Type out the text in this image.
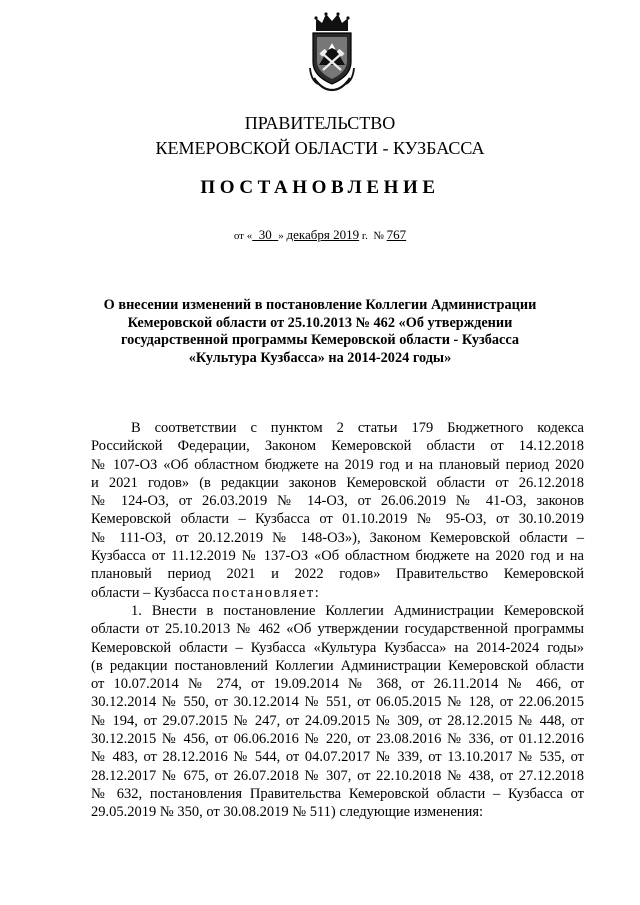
ПРАВИТЕЛЬСТВО
КЕМЕРОВСКОЙ ОБЛАСТИ - КУЗБАССА
ПОСТАНОВЛЕНИЕ
от «  30  » декабря 2019 г.  № 767
О внесении изменений в постановление Коллегии Администрации
Кемеровской области от 25.10.2013 № 462 «Об утверждении
государственной программы Кемеровской области - Кузбасса
«Культура Кузбасса» на 2014-2024 годы»
В соответствии с пунктом 2 статьи 179 Бюджетного кодекса
Российской Федерации, Законом Кемеровской области от 14.12.2018
№ 107-ОЗ «Об областном бюджете на 2019 год и на плановый период 2020
и 2021 годов» (в редакции законов Кемеровской области от 26.12.2018
№ 124-ОЗ, от 26.03.2019 № 14-ОЗ, от 26.06.2019 № 41-ОЗ, законов
Кемеровской области – Кузбасса от 01.10.2019 № 95-ОЗ, от 30.10.2019
№ 111-ОЗ, от 20.12.2019 № 148-ОЗ»), Законом Кемеровской области –
Кузбасса от 11.12.2019 № 137-ОЗ «Об областном бюджете на 2020 год и на
плановый период 2021 и 2022 годов» Правительство Кемеровской
области – Кузбасса постановляет:
1. Внести в постановление Коллегии Администрации Кемеровской
области от 25.10.2013 № 462 «Об утверждении государственной программы
Кемеровской области – Кузбасса «Культура Кузбасса» на 2014-2024 годы»
(в редакции постановлений Коллегии Администрации Кемеровской области
от 10.07.2014 № 274, от 19.09.2014 № 368, от 26.11.2014 № 466, от
30.12.2014 № 550, от 30.12.2014 № 551, от 06.05.2015 № 128, от 22.06.2015
№ 194, от 29.07.2015 № 247, от 24.09.2015 № 309, от 28.12.2015 № 448, от
30.12.2015 № 456, от 06.06.2016 № 220, от 23.08.2016 № 336, от 01.12.2016
№ 483, от 28.12.2016 № 544, от 04.07.2017 № 339, от 13.10.2017 № 535, от
28.12.2017 № 675, от 26.07.2018 № 307, от 22.10.2018 № 438, от 27.12.2018
№ 632, постановления Правительства Кемеровской области – Кузбасса от
29.05.2019 № 350, от 30.08.2019 № 511) следующие изменения:
